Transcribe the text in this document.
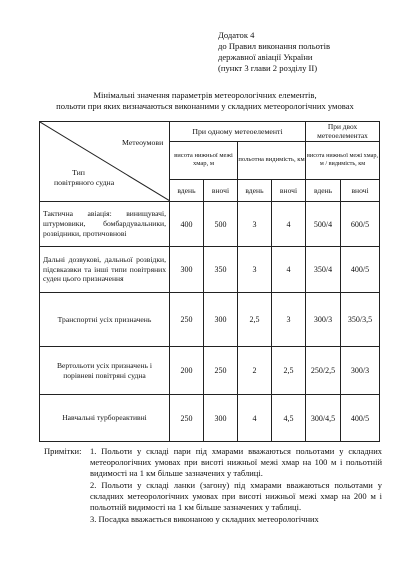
Додаток 4
до Правил виконання польотів
державної авіації України
(пункт 3 глави 2 розділу II)
Мінімальні значення параметрів метеорологічних елементів,
польоти при яких визначаються виконаними у складних метеорологічних умовах
Метеоумови
Тип
повітряного судна	При одному метеоелементі				При двох метеоелементах	
	висота нижньої межі хмар, м		польотна видимість, км		висота нижньої межі хмар, м / видимість, км	
	вдень	вночі	вдень	вночі	вдень	вночі
Тактична авіація: винищувачі, штурмовики, бомбардувальники, розвідники, протичовнові	400	500	3	4	500/4	600/5
Дальні дозвукові, дальньої розвідки, підсвказвки та інші типи повітряних суден цього призначення	300	350	3	4	350/4	400/5
Транспортні усіх призначень	250	300	2,5	3	300/3	350/3,5
Вертольоти усіх призначень і порівневі повітряні судна	200	250	2	2,5	250/2,5	300/3
Навчальні турбореактивні	250	300	4	4,5	300/4,5	400/5
Примітки: 1. Польоти у складі пари під хмарами вважаються польотами у складних метеорологічних умовах при висоті нижньої межі хмар на 100 м і польотній видимості на 1 км більше зазначених у таблиці.

2. Польоти у складі ланки (загону) під хмарами вважаються польотами у складних метеорологічних умовах при висоті нижньої межі хмар на 200 м і польотній видимості на 1 км більше зазначених у таблиці.

3. Посадка вважається виконаною у складних метеорологічних
